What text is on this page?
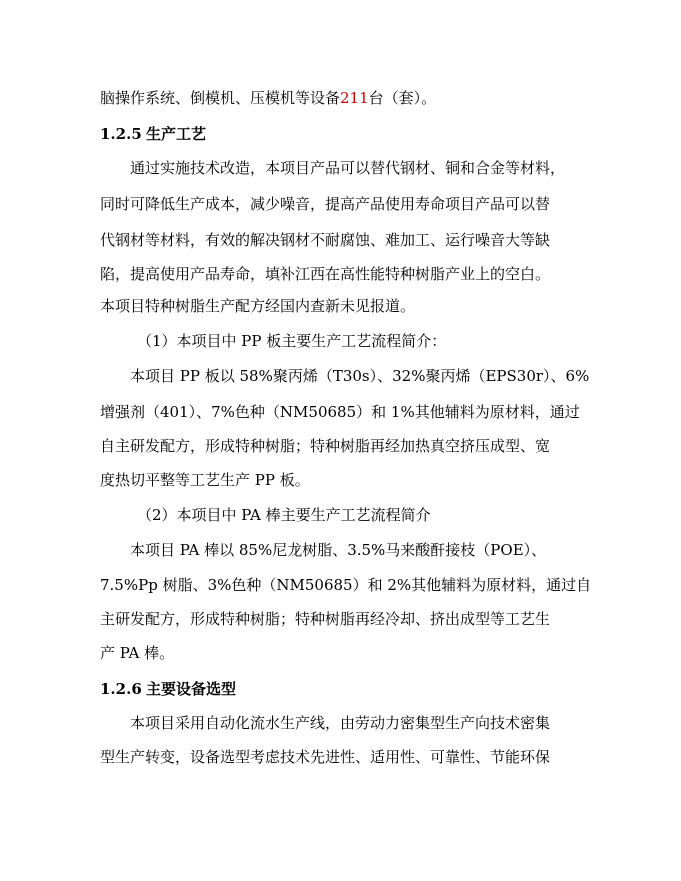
脑操作系统、倒模机、压模机等设备211台（套）。
1.2.5 生产工艺
通过实施技术改造，本项目产品可以替代钢材、铜和合金等材料，
同时可降低生产成本，减少噪音，提高产品使用寿命项目产品可以替
代钢材等材料，有效的解决钢材不耐腐蚀、难加工、运行噪音大等缺
陷，提高使用产品寿命，填补江西在高性能特种树脂产业上的空白。
本项目特种树脂生产配方经国内查新未见报道。
（1）本项目中 PP 板主要生产工艺流程简介：
本项目 PP 板以 58%聚丙烯（T30s）、32%聚丙烯（EPS30r）、6%
增强剂（401）、7%色种（NM50685）和 1%其他辅料为原材料，通过
自主研发配方，形成特种树脂；特种树脂再经加热真空挤压成型、宽
度热切平整等工艺生产 PP 板。
（2）本项目中 PA 棒主要生产工艺流程简介
本项目 PA 棒以 85%尼龙树脂、3.5%马来酸酐接枝（POE）、
7.5%Pp 树脂、3%色种（NM50685）和 2%其他辅料为原材料，通过自
主研发配方，形成特种树脂；特种树脂再经冷却、挤出成型等工艺生
产 PA 棒。
1.2.6 主要设备选型
本项目采用自动化流水生产线，由劳动力密集型生产向技术密集
型生产转变，设备选型考虑技术先进性、适用性、可靠性、节能环保
